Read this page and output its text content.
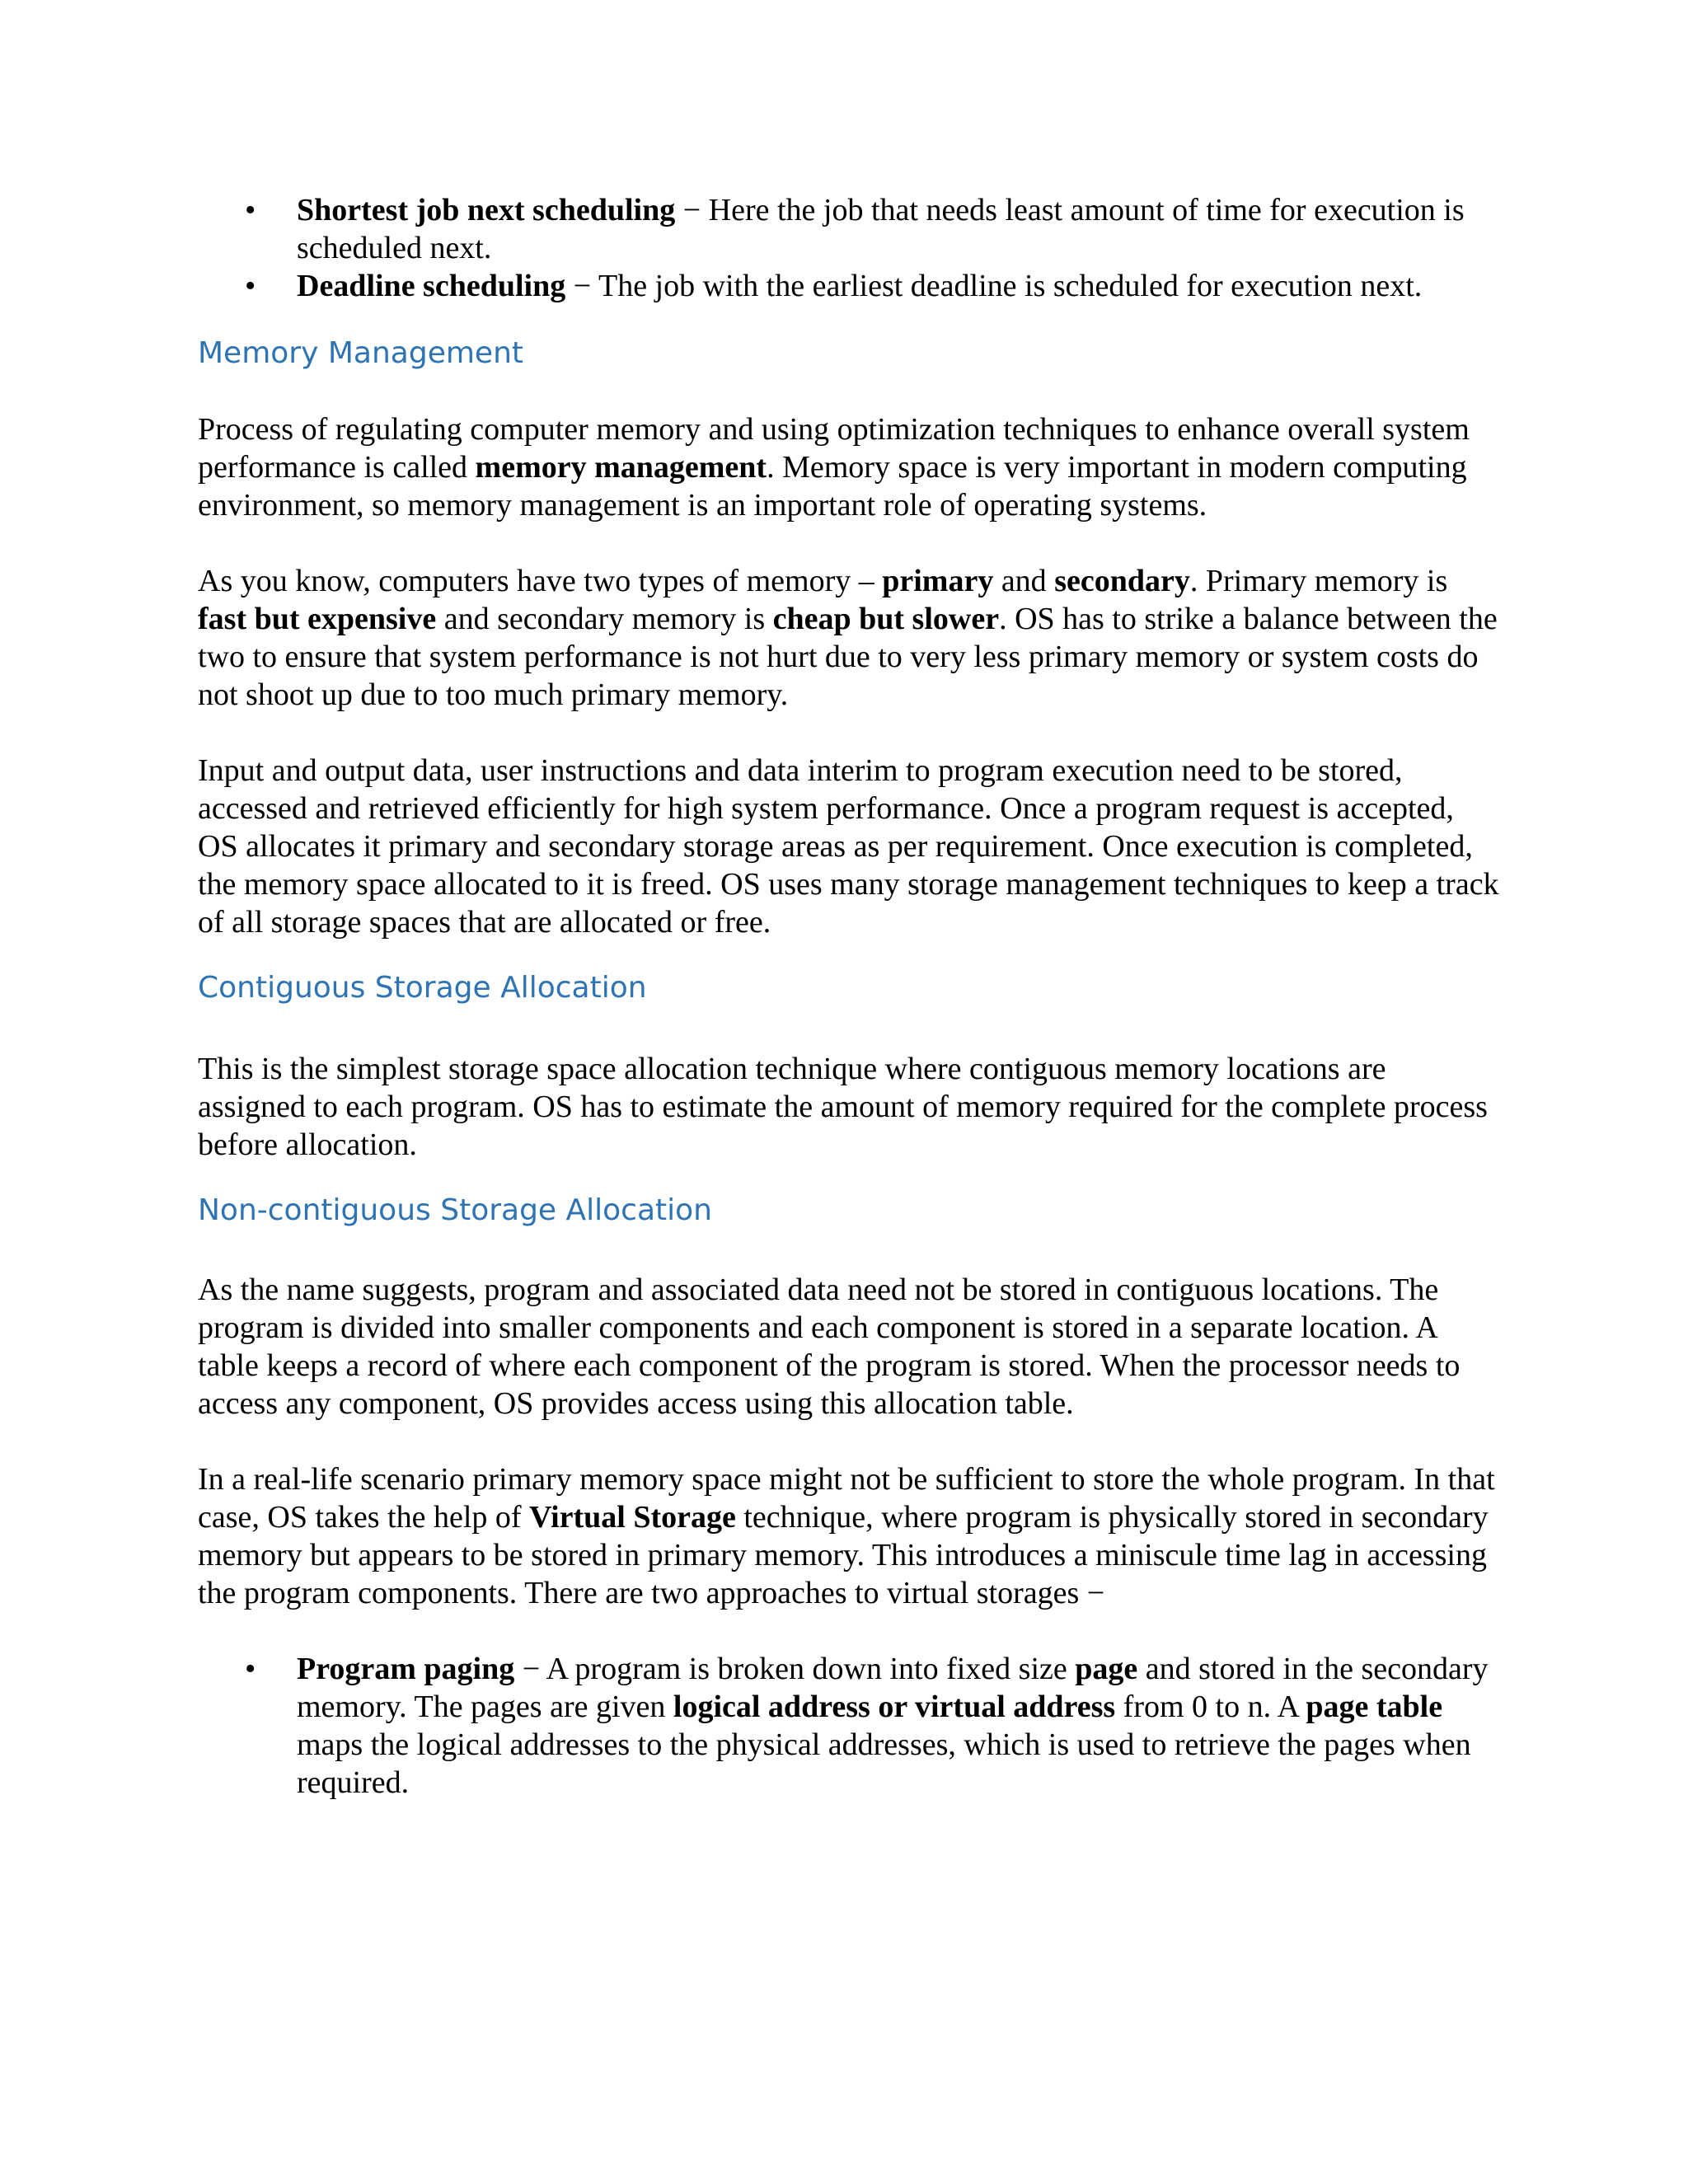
• Shortest job next scheduling − Here the job that needs least amount of time for execution is scheduled next.
• Deadline scheduling − The job with the earliest deadline is scheduled for execution next.
Memory Management

Process of regulating computer memory and using optimization techniques to enhance overall system performance is called memory management. Memory space is very important in modern computing environment, so memory management is an important role of operating systems.

As you know, computers have two types of memory – primary and secondary. Primary memory is fast but expensive and secondary memory is cheap but slower. OS has to strike a balance between the two to ensure that system performance is not hurt due to very less primary memory or system costs do not shoot up due to too much primary memory.

Input and output data, user instructions and data interim to program execution need to be stored, accessed and retrieved efficiently for high system performance. Once a program request is accepted, OS allocates it primary and secondary storage areas as per requirement. Once execution is completed, the memory space allocated to it is freed. OS uses many storage management techniques to keep a track of all storage spaces that are allocated or free.

Contiguous Storage Allocation

This is the simplest storage space allocation technique where contiguous memory locations are assigned to each program. OS has to estimate the amount of memory required for the complete process before allocation.

Non-contiguous Storage Allocation

As the name suggests, program and associated data need not be stored in contiguous locations. The program is divided into smaller components and each component is stored in a separate location. A table keeps a record of where each component of the program is stored. When the processor needs to access any component, OS provides access using this allocation table.

In a real-life scenario primary memory space might not be sufficient to store the whole program. In that case, OS takes the help of Virtual Storage technique, where program is physically stored in secondary memory but appears to be stored in primary memory. This introduces a miniscule time lag in accessing the program components. There are two approaches to virtual storages −

• Program paging − A program is broken down into fixed size page and stored in the secondary memory. The pages are given logical address or virtual address from 0 to n. A page table maps the logical addresses to the physical addresses, which is used to retrieve the pages when required.
